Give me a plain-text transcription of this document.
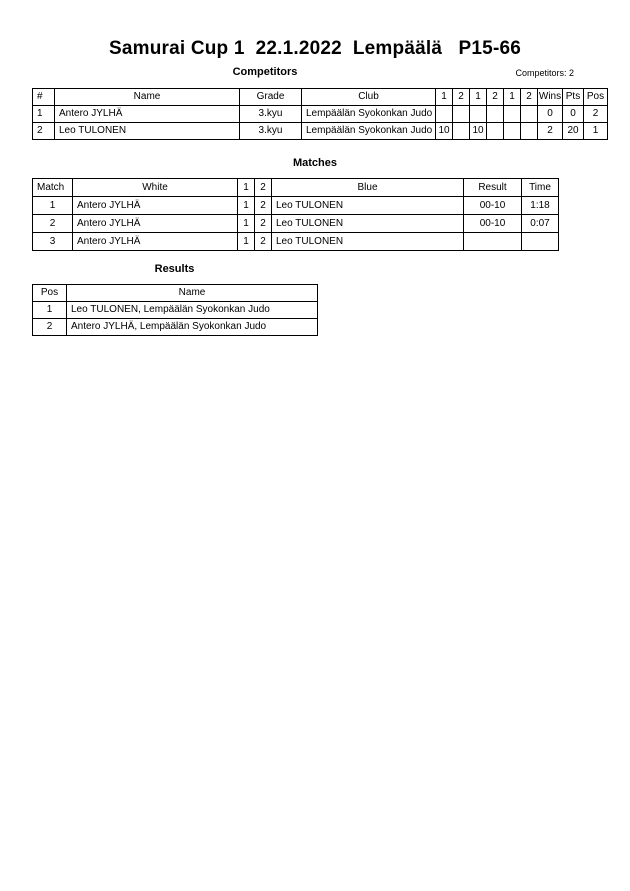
Samurai Cup 1  22.1.2022  Lempäälä   P15-66
Competitors	Competitors: 2
#	Name	Grade	Club	1	2	1	2	1	2	Wins	Pts	Pos
1	Antero JYLHÄ	3.kyu	Lempäälän Syokonkan Judo							0	0	2
2	Leo TULONEN	3.kyu	Lempäälän Syokonkan Judo	10		10				2	20	1
Matches
Match	White	1	2	Blue	Result	Time
1	Antero JYLHÄ	1	2	Leo TULONEN	00-10	1:18
2	Antero JYLHÄ	1	2	Leo TULONEN	00-10	0:07
3	Antero JYLHÄ	1	2	Leo TULONEN		
Results
Pos	Name
1	Leo TULONEN, Lempäälän Syokonkan Judo
2	Antero JYLHÄ, Lempäälän Syokonkan Judo
